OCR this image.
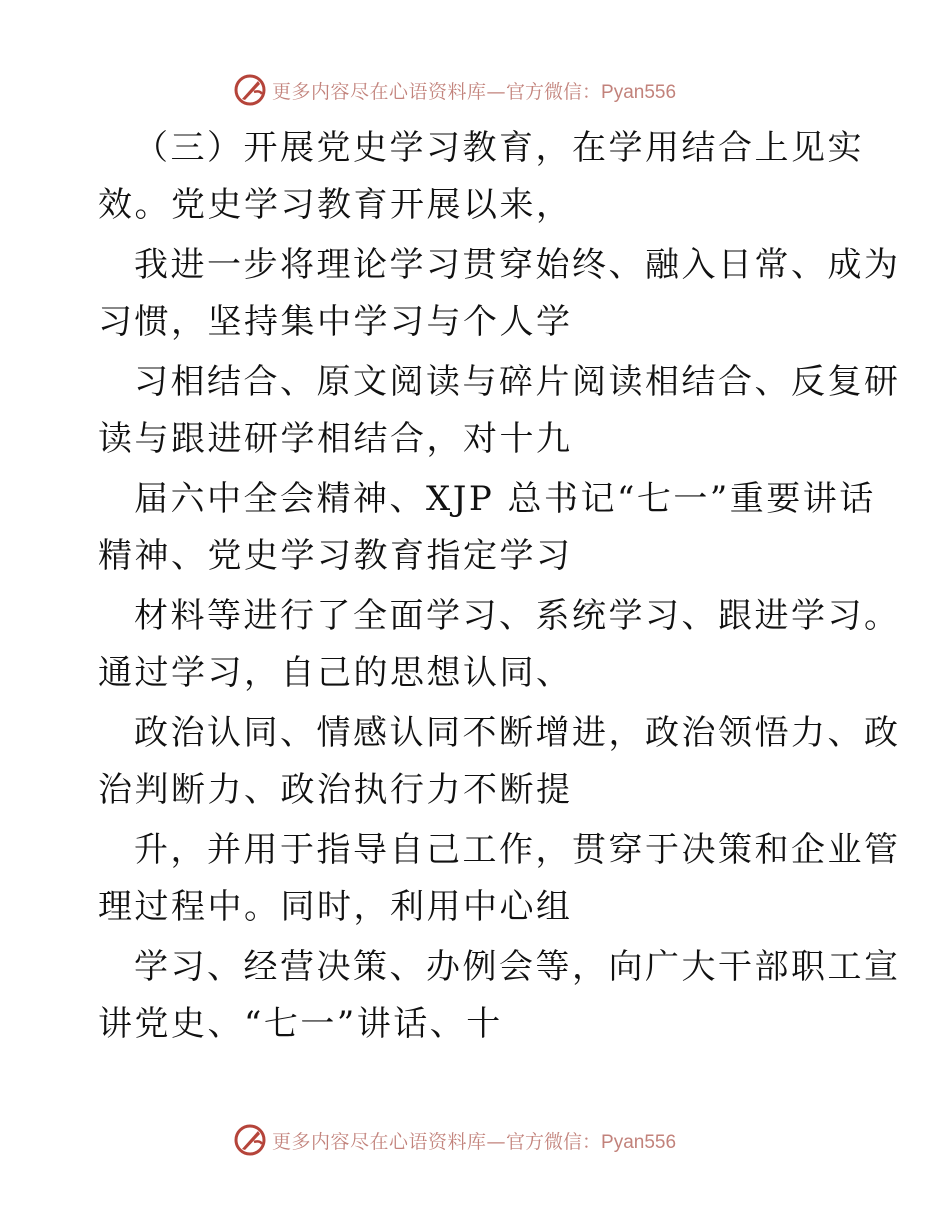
更多内容尽在心语资料库— 官方微信：Pyan556
（三）开展党史学习教育，在学用结合上见实
效。党史学习教育开展以来，
我进一步将理论学习贯穿始终、融入日常、成为
习惯，坚持集中学习与个人学
习相结合、原文阅读与碎片阅读相结合、反复研
读与跟进研学相结合，对十九
届六中全会精神、XJP 总书记“七一”重要讲话
精神、党史学习教育指定学习
材料等进行了全面学习、系统学习、跟进学习。
通过学习，自己的思想认同、
政治认同、情感认同不断增进，政治领悟力、政
治判断力、政治执行力不断提
升，并用于指导自己工作，贯穿于决策和企业管
理过程中。同时，利用中心组
学习、经营决策、办例会等，向广大干部职工宣
讲党史、“七一”讲话、十
更多内容尽在心语资料库— 官方微信：Pyan556
